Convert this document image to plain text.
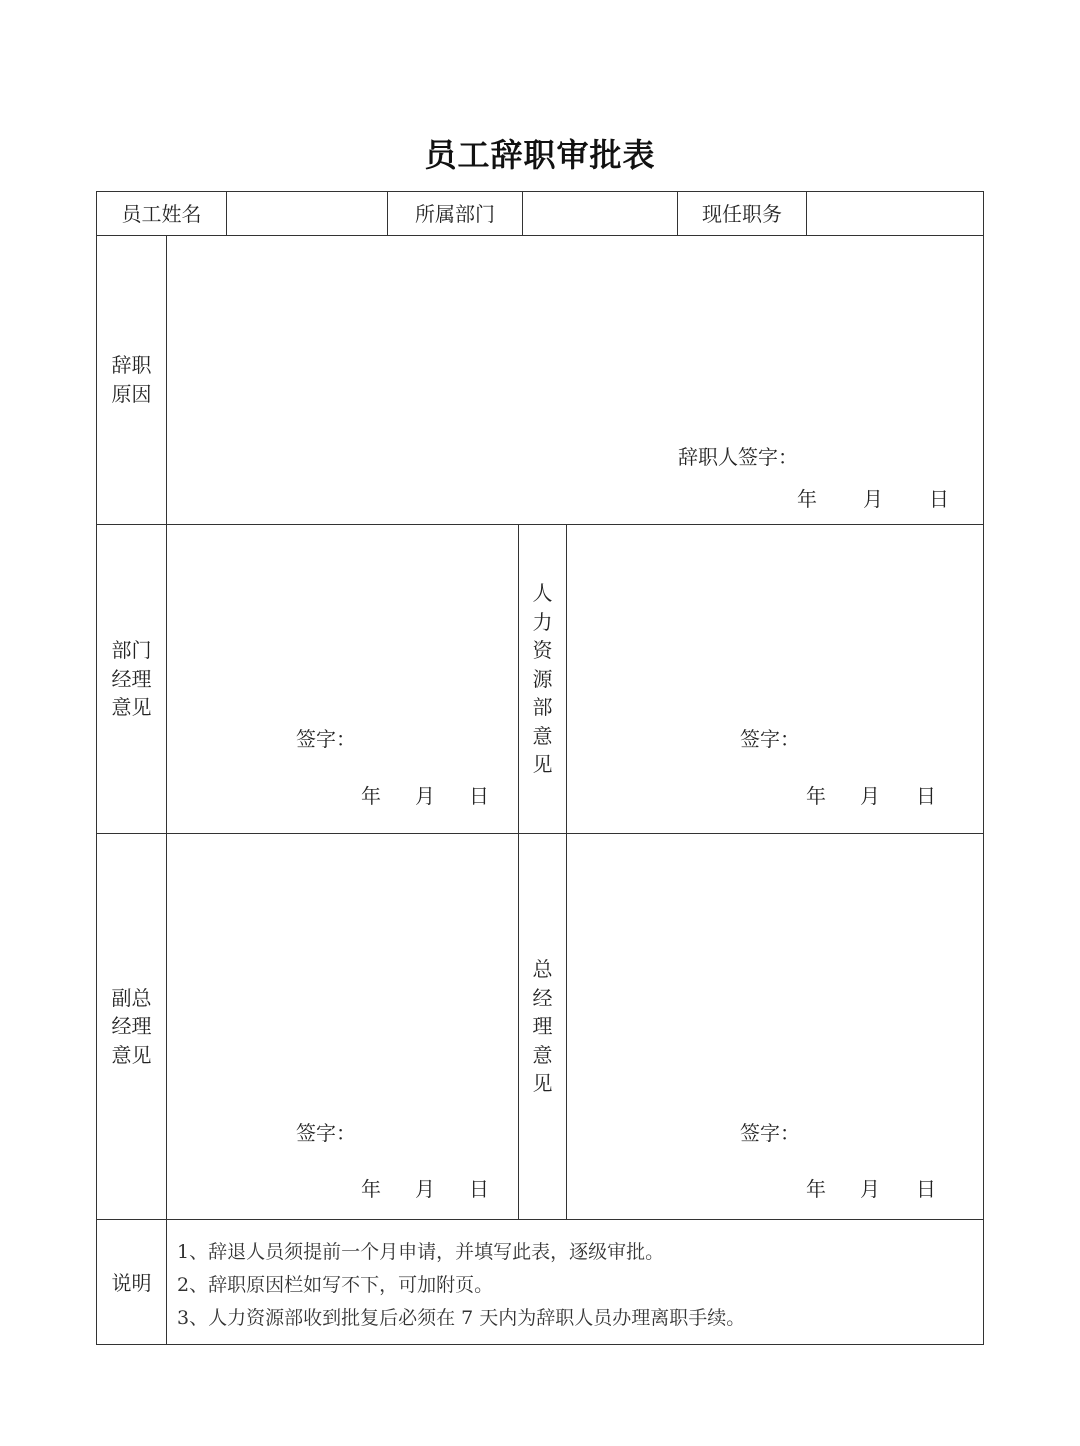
员工辞职审批表
员工姓名	所属部门	现任职务
辞职
原因
辞职人签字：
年 月 日
部门
经理
意见
签字：
年 月 日
人
力
资
源
部
意
见
签字：
年 月 日
副总
经理
意见
签字：
年 月 日
总
经
理
意
见
签字：
年 月 日
说明
1、辞退人员须提前一个月申请，并填写此表，逐级审批。
2、辞职原因栏如写不下，可加附页。
3、人力资源部收到批复后必须在 7 天内为辞职人员办理离职手续。
